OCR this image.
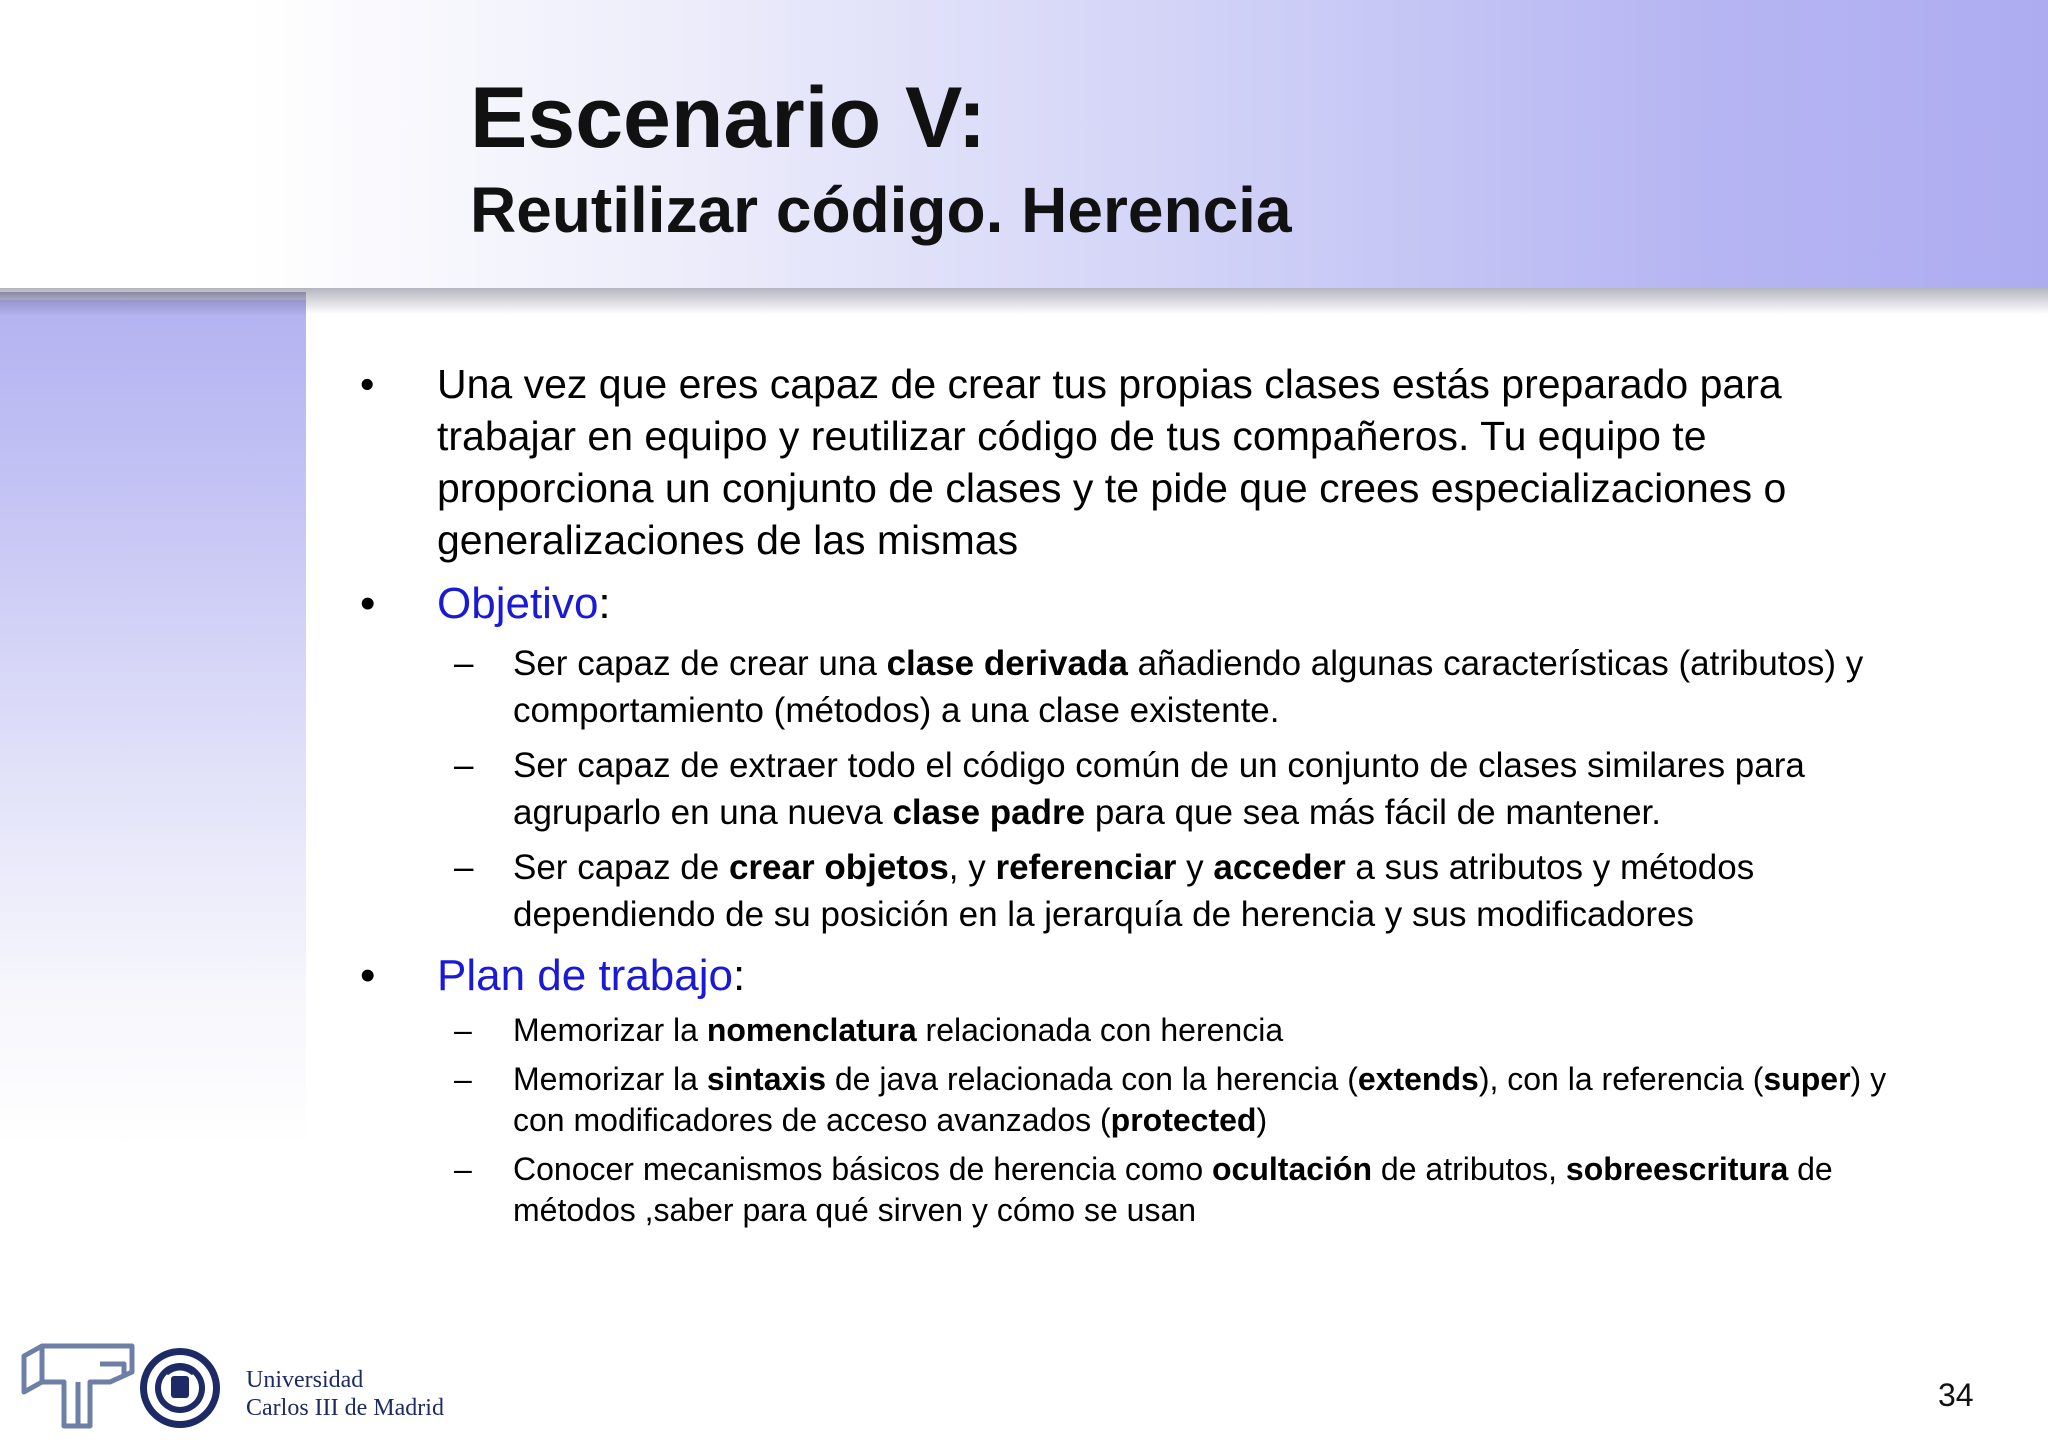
Escenario V:
Reutilizar código. Herencia
• Una vez que eres capaz de crear tus propias clases estás preparado para trabajar en equipo y reutilizar código de tus compañeros. Tu equipo te proporciona un conjunto de clases y te pide que crees especializaciones o generalizaciones de las mismas
• Objetivo:
– Ser capaz de crear una clase derivada añadiendo algunas características (atributos) y comportamiento (métodos) a una clase existente.
– Ser capaz de extraer todo el código común de un conjunto de clases similares para agruparlo en una nueva clase padre para que sea más fácil de mantener.
– Ser capaz de crear objetos, y referenciar y acceder a sus atributos y métodos dependiendo de su posición en la jerarquía de herencia y sus modificadores
• Plan de trabajo:
– Memorizar la nomenclatura relacionada con herencia
– Memorizar la sintaxis de java relacionada con la herencia (extends), con la referencia (super) y con modificadores de acceso avanzados (protected)
– Conocer mecanismos básicos de herencia como ocultación de atributos, sobreescritura de métodos ,saber para qué sirven y cómo se usan
Universidad
Carlos III de Madrid	34
